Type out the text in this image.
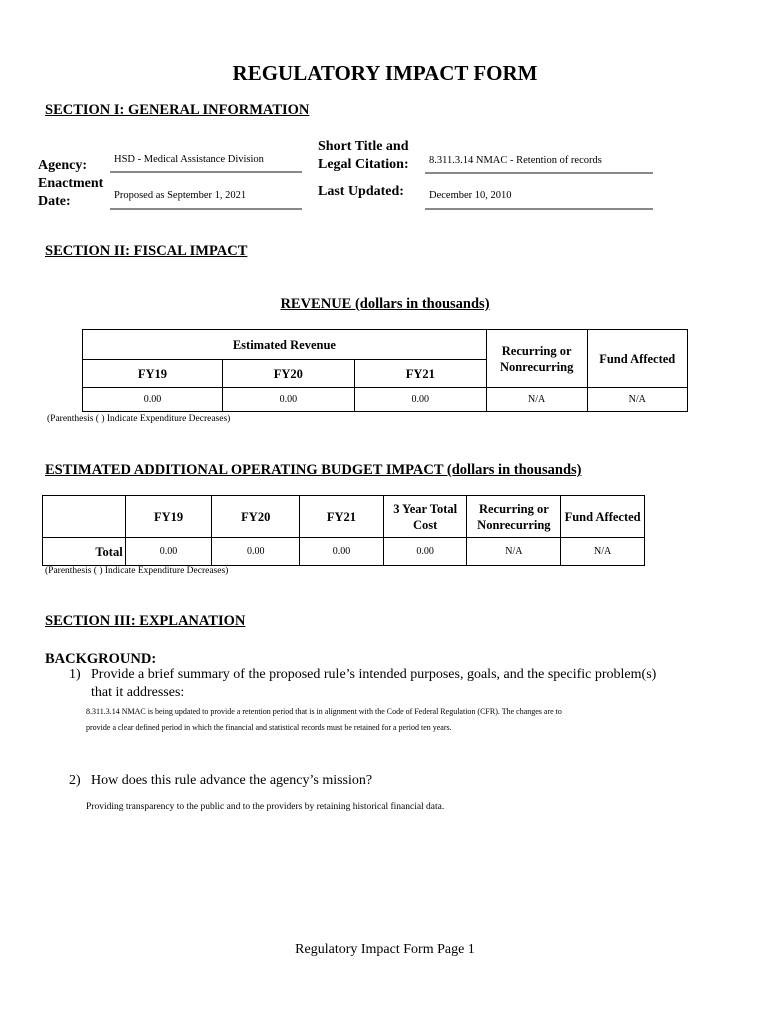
REGULATORY IMPACT FORM
SECTION I: GENERAL INFORMATION
Agency:	HSD - Medical Assistance Division
Enactment Date:	Proposed as September 1, 2021
Short Title and Legal Citation:	8.311.3.14 NMAC - Retention of records
Last Updated: December 10, 2010
SECTION II: FISCAL IMPACT
REVENUE (dollars in thousands)
Estimated Revenue			Recurring or Nonrecurring	Fund Affected
FY19	FY20	FY21		
0.00	0.00	0.00	N/A	N/A
(Parenthesis ( ) Indicate Expenditure Decreases)
ESTIMATED ADDITIONAL OPERATING BUDGET IMPACT (dollars in thousands)
	FY19	FY20	FY21	3 Year Total Cost	Recurring or Nonrecurring	Fund Affected
Total	0.00	0.00	0.00	0.00	N/A	N/A
(Parenthesis ( ) Indicate Expenditure Decreases)
SECTION III: EXPLANATION
BACKGROUND:
1) Provide a brief summary of the proposed rule’s intended purposes, goals, and the specific problem(s)
that it addresses:
8.311.3.14 NMAC is being updated to provide a retention period that is in alignment with the Code of Federal Regulation (CFR). The changes are to
provide a clear defined period in which the financial and statistical records must be retained for a period ten years.
2) How does this rule advance the agency’s mission?
Providing transparency to the public and to the providers by retaining historical financial data.
Regulatory Impact Form Page 1
